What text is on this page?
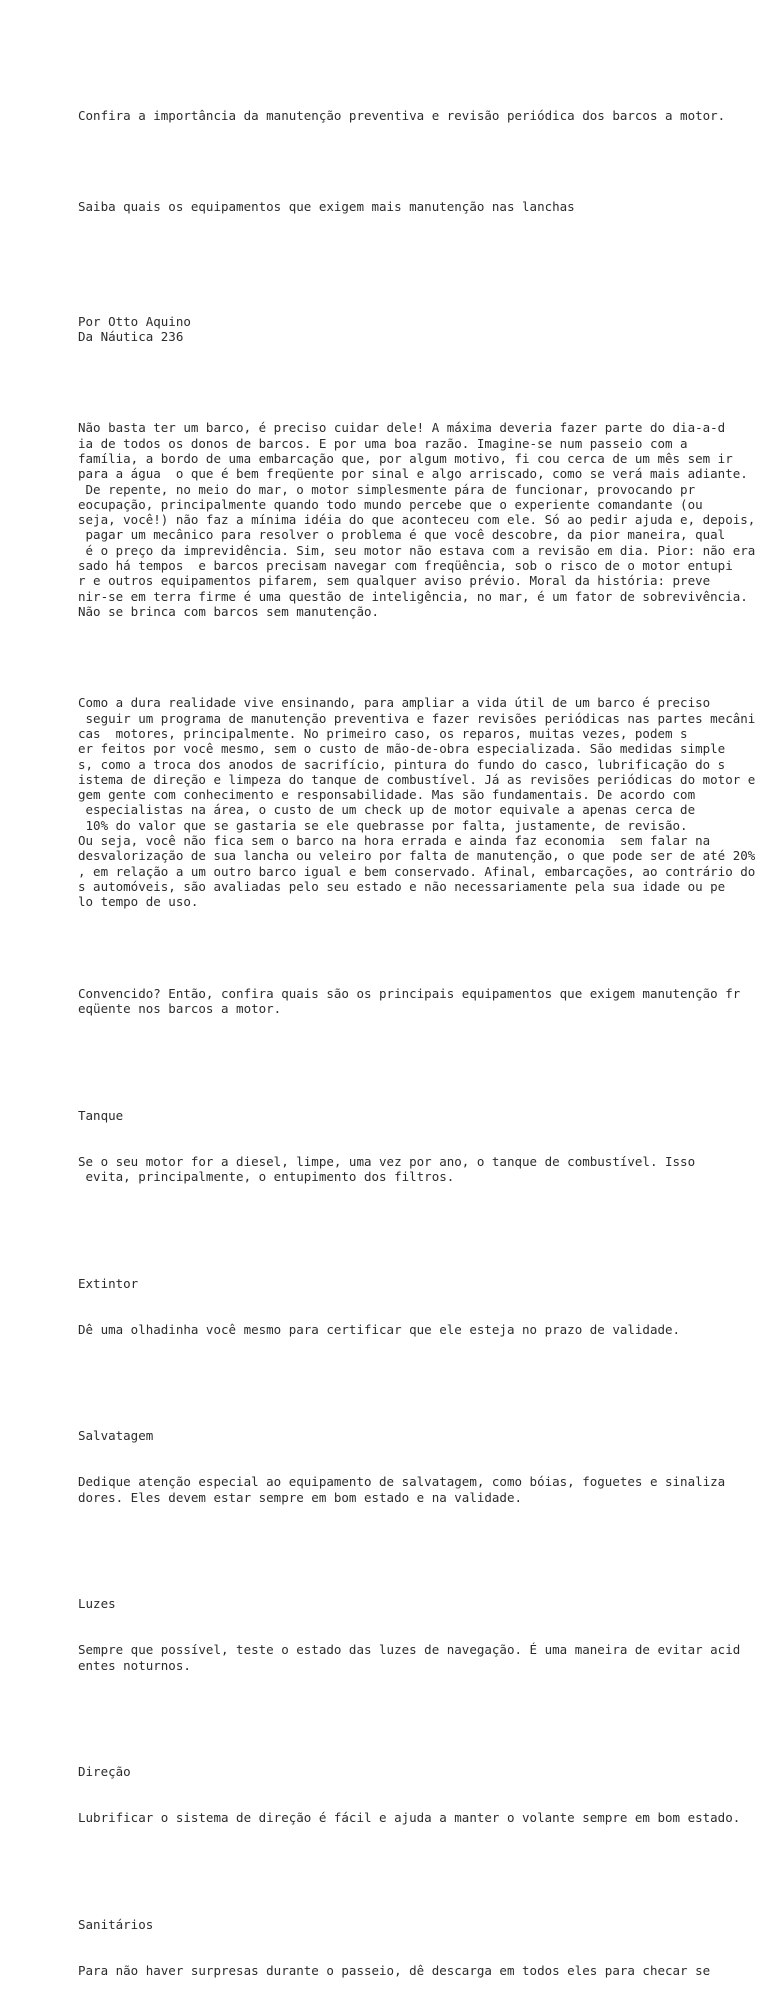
Confira a importância da manutenção preventiva e revisão periódica dos barcos a motor.

Saiba quais os equipamentos que exigem mais manutenção nas lanchas

Por Otto Aquino
Da Náutica 236

Não basta ter um barco, é preciso cuidar dele! A máxima deveria fazer parte do dia-a-d
ia de todos os donos de barcos. E por uma boa razão. Imagine-se num passeio com a
família, a bordo de uma embarcação que, por algum motivo, fi cou cerca de um mês sem ir
para a água  o que é bem freqüente por sinal e algo arriscado, como se verá mais adiante.
De repente, no meio do mar, o motor simplesmente pára de funcionar, provocando pr
eocupação, principalmente quando todo mundo percebe que o experiente comandante (ou
seja, você!) não faz a mínima idéia do que aconteceu com ele. Só ao pedir ajuda e, depois,
pagar um mecânico para resolver o problema é que você descobre, da pior maneira, qual
é o preço da imprevidência. Sim, seu motor não estava com a revisão em dia. Pior: não era
sado há tempos  e barcos precisam navegar com freqüência, sob o risco de o motor entupi
r e outros equipamentos pifarem, sem qualquer aviso prévio. Moral da história: preve
nir-se em terra firme é uma questão de inteligência, no mar, é um fator de sobrevivência.
Não se brinca com barcos sem manutenção.

Como a dura realidade vive ensinando, para ampliar a vida útil de um barco é preciso
seguir um programa de manutenção preventiva e fazer revisões periódicas nas partes mecâni
cas  motores, principalmente. No primeiro caso, os reparos, muitas vezes, podem s
er feitos por você mesmo, sem o custo de mão-de-obra especializada. São medidas simple
s, como a troca dos anodos de sacrifício, pintura do fundo do casco, lubrificação do s
istema de direção e limpeza do tanque de combustível. Já as revisões periódicas do motor e
gem gente com conhecimento e responsabilidade. Mas são fundamentais. De acordo com
especialistas na área, o custo de um check up de motor equivale a apenas cerca de
10% do valor que se gastaria se ele quebrasse por falta, justamente, de revisão.
Ou seja, você não fica sem o barco na hora errada e ainda faz economia  sem falar na
desvalorização de sua lancha ou veleiro por falta de manutenção, o que pode ser de até 20%
, em relação a um outro barco igual e bem conservado. Afinal, embarcações, ao contrário do
s automóveis, são avaliadas pelo seu estado e não necessariamente pela sua idade ou pe
lo tempo de uso.

Convencido? Então, confira quais são os principais equipamentos que exigem manutenção fr
eqüente nos barcos a motor.

Tanque

Se o seu motor for a diesel, limpe, uma vez por ano, o tanque de combustível. Isso
evita, principalmente, o entupimento dos filtros.

Extintor

Dê uma olhadinha você mesmo para certificar que ele esteja no prazo de validade.

Salvatagem

Dedique atenção especial ao equipamento de salvatagem, como bóias, foguetes e sinaliza
dores. Eles devem estar sempre em bom estado e na validade.

Luzes

Sempre que possível, teste o estado das luzes de navegação. É uma maneira de evitar acid
entes noturnos.

Direção

Lubrificar o sistema de direção é fácil e ajuda a manter o volante sempre em bom estado.

Sanitários

Para não haver surpresas durante o passeio, dê descarga em todos eles para checar se
